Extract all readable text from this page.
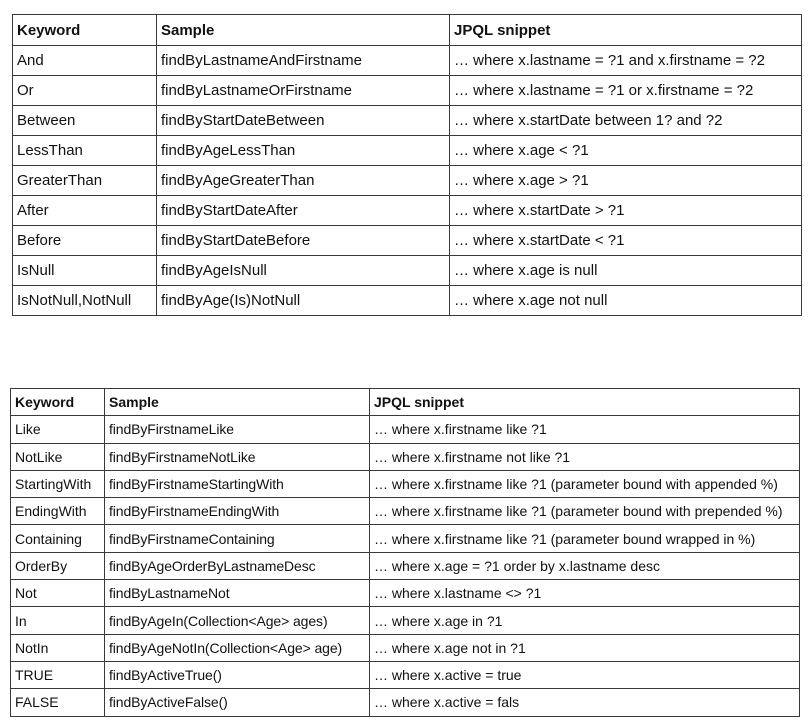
Keyword	Sample	JPQL snippet
And	findByLastnameAndFirstname	… where x.lastname = ?1 and x.firstname = ?2
Or	findByLastnameOrFirstname	… where x.lastname = ?1 or x.firstname = ?2
Between	findByStartDateBetween	… where x.startDate between 1? and ?2
LessThan	findByAgeLessThan	… where x.age < ?1
GreaterThan	findByAgeGreaterThan	… where x.age > ?1
After	findByStartDateAfter	… where x.startDate > ?1
Before	findByStartDateBefore	… where x.startDate < ?1
IsNull	findByAgeIsNull	… where x.age is null
IsNotNull,NotNull	findByAge(Is)NotNull	… where x.age not null
Keyword	Sample	JPQL snippet
Like	findByFirstnameLike	… where x.firstname like ?1
NotLike	findByFirstnameNotLike	… where x.firstname not like ?1
StartingWith	findByFirstnameStartingWith	… where x.firstname like ?1 (parameter bound with appended %)
EndingWith	findByFirstnameEndingWith	… where x.firstname like ?1 (parameter bound with prepended %)
Containing	findByFirstnameContaining	… where x.firstname like ?1 (parameter bound wrapped in %)
OrderBy	findByAgeOrderByLastnameDesc	… where x.age = ?1 order by x.lastname desc
Not	findByLastnameNot	… where x.lastname <> ?1
In	findByAgeIn(Collection<Age> ages)	… where x.age in ?1
NotIn	findByAgeNotIn(Collection<Age> age)	… where x.age not in ?1
TRUE	findByActiveTrue()	… where x.active = true
FALSE	findByActiveFalse()	… where x.active = fals
